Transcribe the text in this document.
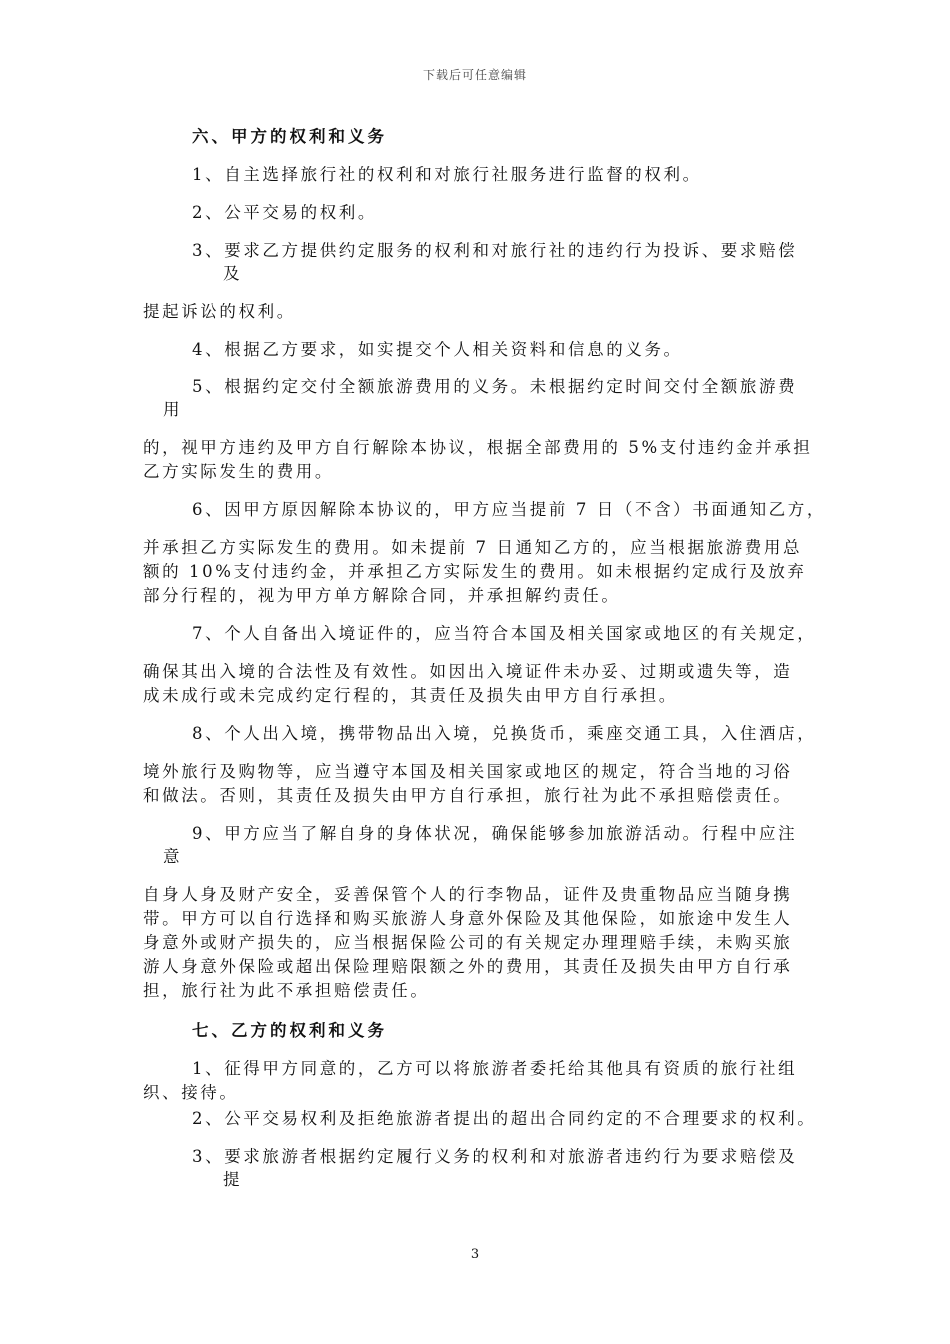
下载后可任意编辑
六、甲方的权利和义务
1、自主选择旅行社的权利和对旅行社服务进行监督的权利。
2、公平交易的权利。
3、要求乙方提供约定服务的权利和对旅行社的违约行为投诉、要求赔偿
及
提起诉讼的权利。
4、根据乙方要求，如实提交个人相关资料和信息的义务。
5、根据约定交付全额旅游费用的义务。未根据约定时间交付全额旅游费
用
的，视甲方违约及甲方自行解除本协议，根据全部费用的 5%支付违约金并承担
乙方实际发生的费用。
6、因甲方原因解除本协议的，甲方应当提前 7 日（不含）书面通知乙方，
并承担乙方实际发生的费用。如未提前 7 日通知乙方的，应当根据旅游费用总
额的 10%支付违约金，并承担乙方实际发生的费用。如未根据约定成行及放弃
部分行程的，视为甲方单方解除合同，并承担解约责任。
7、个人自备出入境证件的，应当符合本国及相关国家或地区的有关规定，
确保其出入境的合法性及有效性。如因出入境证件未办妥、过期或遗失等，造
成未成行或未完成约定行程的，其责任及损失由甲方自行承担。
8、个人出入境，携带物品出入境，兑换货币，乘座交通工具，入住酒店，
境外旅行及购物等，应当遵守本国及相关国家或地区的规定，符合当地的习俗
和做法。否则，其责任及损失由甲方自行承担，旅行社为此不承担赔偿责任。
9、甲方应当了解自身的身体状况，确保能够参加旅游活动。行程中应注
意
自身人身及财产安全，妥善保管个人的行李物品，证件及贵重物品应当随身携
带。甲方可以自行选择和购买旅游人身意外保险及其他保险，如旅途中发生人
身意外或财产损失的，应当根据保险公司的有关规定办理理赔手续，未购买旅
游人身意外保险或超出保险理赔限额之外的费用，其责任及损失由甲方自行承
担，旅行社为此不承担赔偿责任。
七、乙方的权利和义务
1、征得甲方同意的，乙方可以将旅游者委托给其他具有资质的旅行社组
织、接待。
2、公平交易权利及拒绝旅游者提出的超出合同约定的不合理要求的权利。
3、要求旅游者根据约定履行义务的权利和对旅游者违约行为要求赔偿及
提
3
